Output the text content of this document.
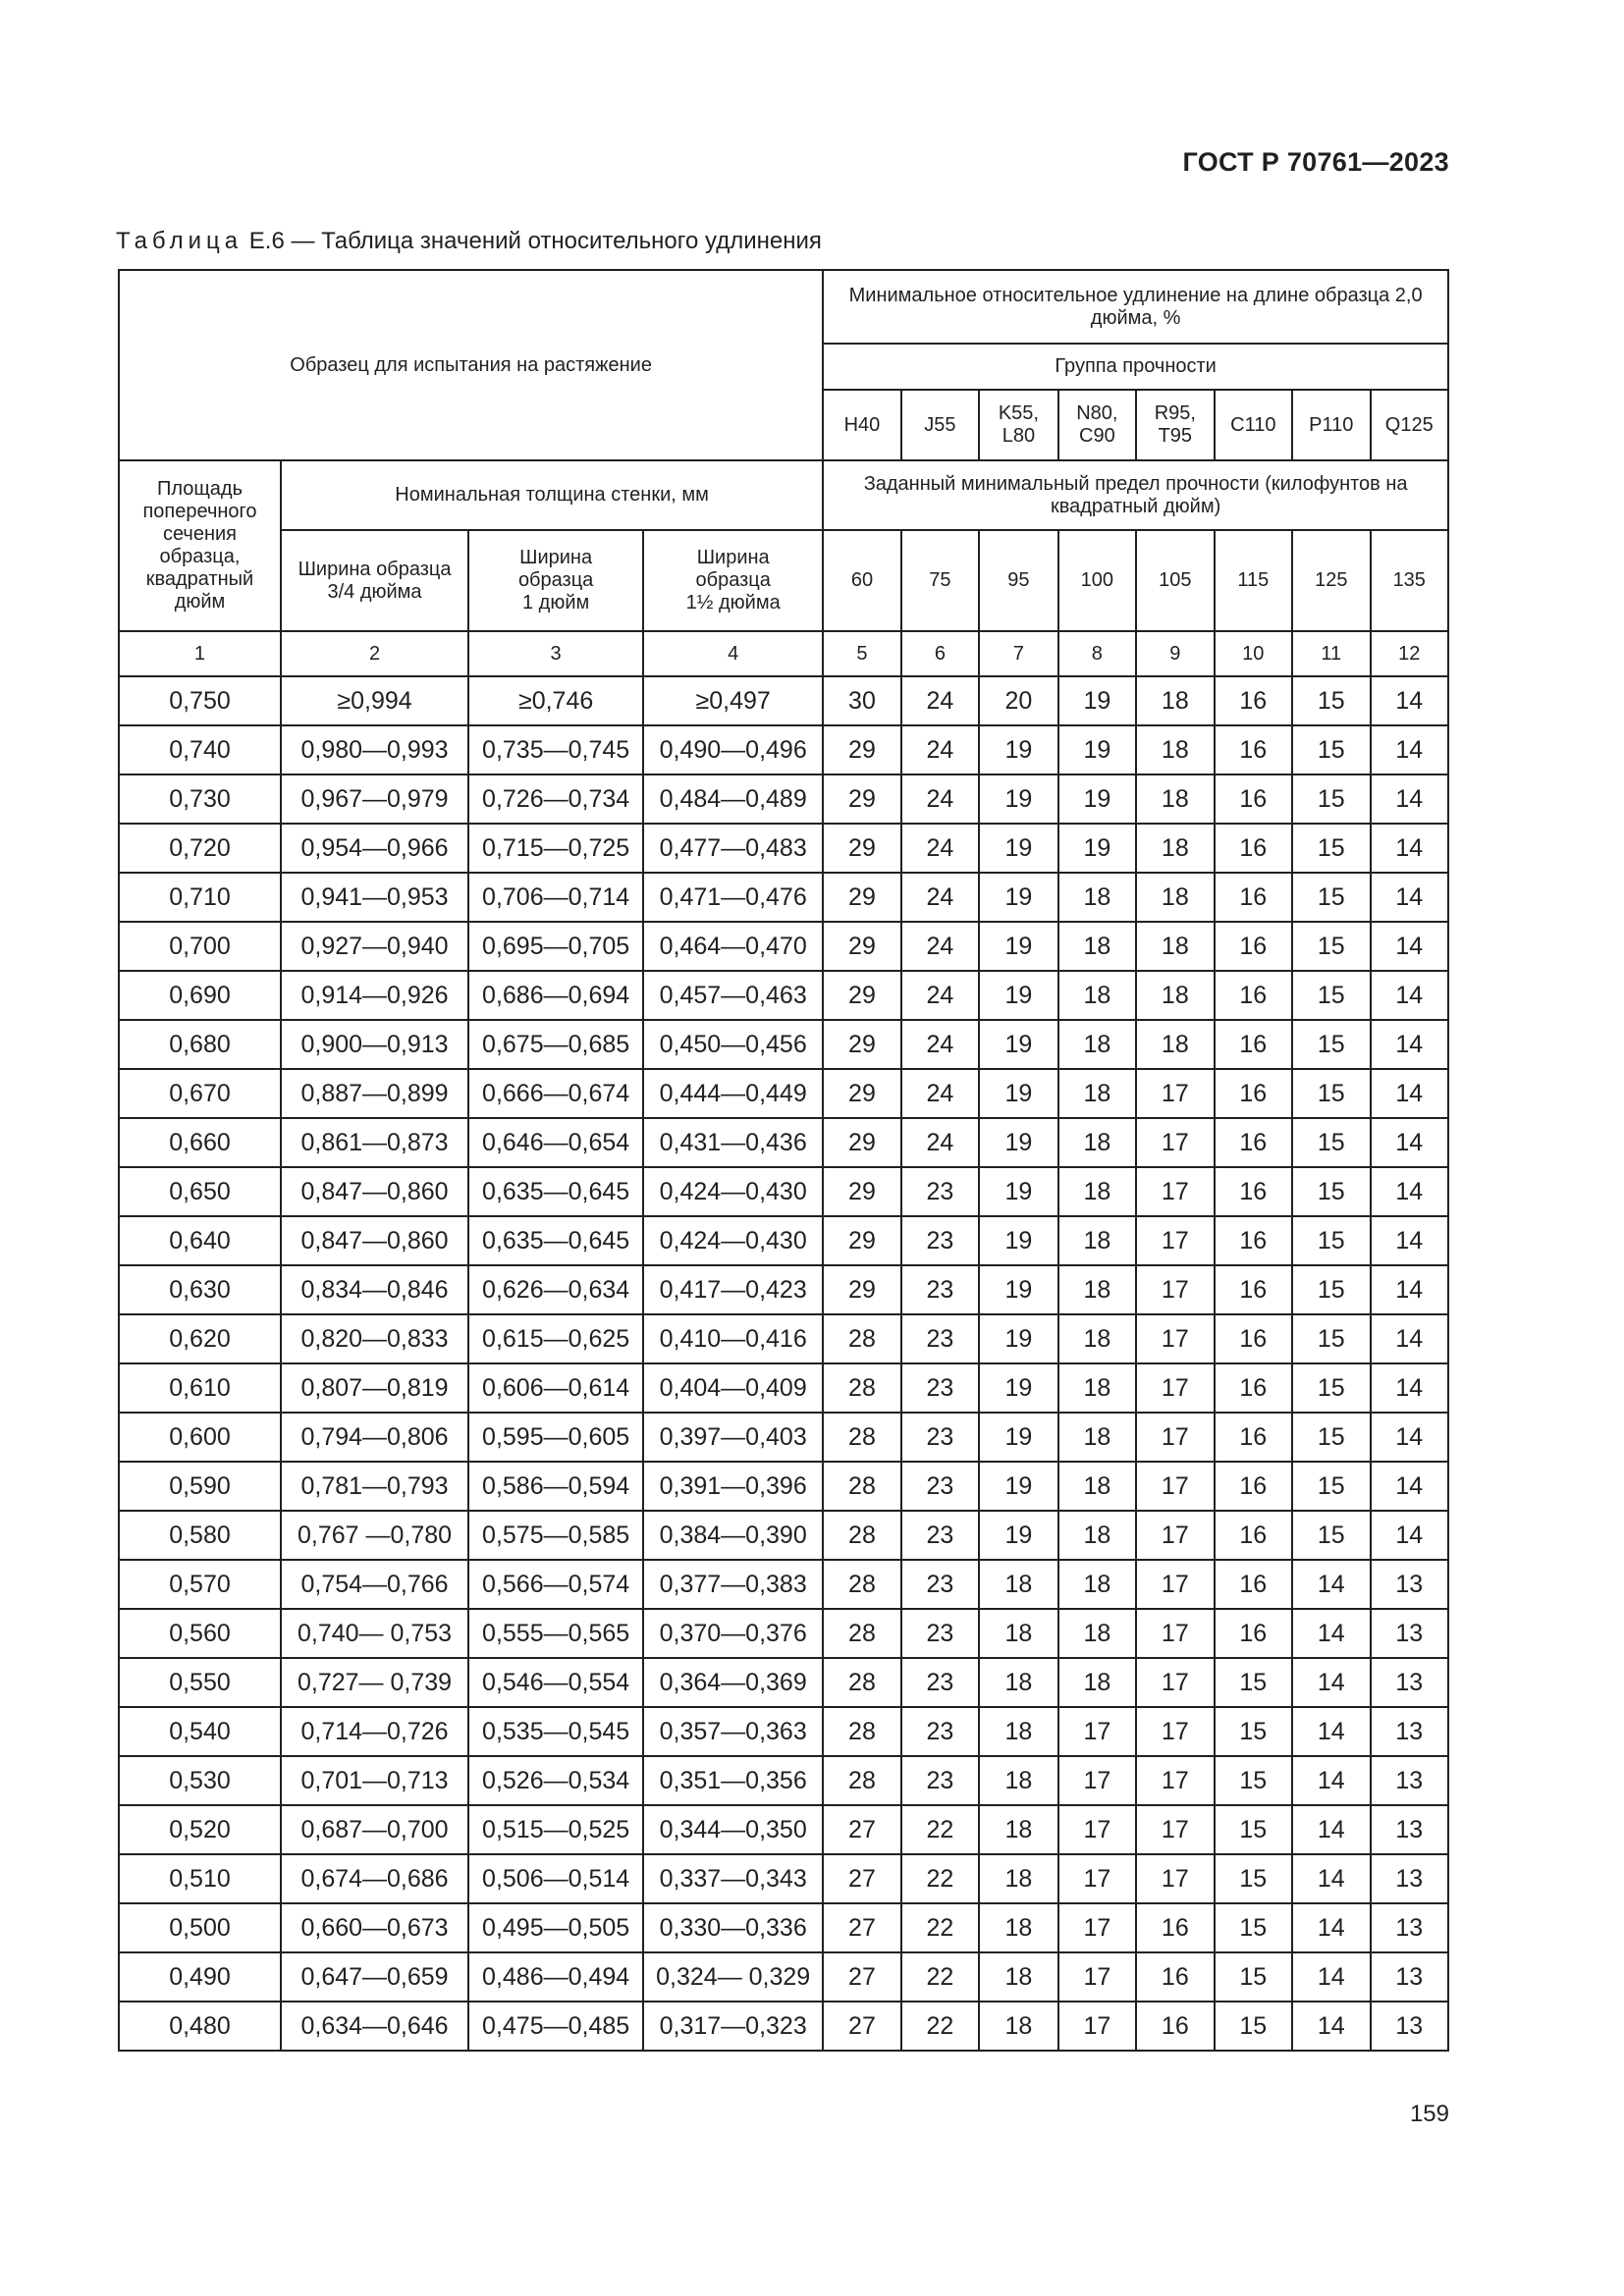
ГОСТ Р 70761—2023
Таблица Е.6 — Таблица значений относительного удлинения
Образец для испытания на растяжение				Минимальное относительное удлинение на длине образца 2,0 дюйма, %							
				Группа прочности							
				H40	J55	K55,
L80	N80,
C90	R95,
T95	C110	P110	Q125
Площадь поперечного сечения образца, квадратный дюйм	Номинальная толщина стенки, мм			Заданный минимальный предел прочности (килофунтов на квадратный дюйм)							
	Ширина образца
3/4 дюйма	Ширина
образца
1 дюйм	Ширина
образца
1½ дюйма	60	75	95	100	105	115	125	135
1	2	3	4	5	6	7	8	9	10	11	12
0,750	≥0,994	≥0,746	≥0,497	30	24	20	19	18	16	15	14
0,740	0,980—0,993	0,735—0,745	0,490—0,496	29	24	19	19	18	16	15	14
0,730	0,967—0,979	0,726—0,734	0,484—0,489	29	24	19	19	18	16	15	14
0,720	0,954—0,966	0,715—0,725	0,477—0,483	29	24	19	19	18	16	15	14
0,710	0,941—0,953	0,706—0,714	0,471—0,476	29	24	19	18	18	16	15	14
0,700	0,927—0,940	0,695—0,705	0,464—0,470	29	24	19	18	18	16	15	14
0,690	0,914—0,926	0,686—0,694	0,457—0,463	29	24	19	18	18	16	15	14
0,680	0,900—0,913	0,675—0,685	0,450—0,456	29	24	19	18	18	16	15	14
0,670	0,887—0,899	0,666—0,674	0,444—0,449	29	24	19	18	17	16	15	14
0,660	0,861—0,873	0,646—0,654	0,431—0,436	29	24	19	18	17	16	15	14
0,650	0,847—0,860	0,635—0,645	0,424—0,430	29	23	19	18	17	16	15	14
0,640	0,847—0,860	0,635—0,645	0,424—0,430	29	23	19	18	17	16	15	14
0,630	0,834—0,846	0,626—0,634	0,417—0,423	29	23	19	18	17	16	15	14
0,620	0,820—0,833	0,615—0,625	0,410—0,416	28	23	19	18	17	16	15	14
0,610	0,807—0,819	0,606—0,614	0,404—0,409	28	23	19	18	17	16	15	14
0,600	0,794—0,806	0,595—0,605	0,397—0,403	28	23	19	18	17	16	15	14
0,590	0,781—0,793	0,586—0,594	0,391—0,396	28	23	19	18	17	16	15	14
0,580	0,767 —0,780	0,575—0,585	0,384—0,390	28	23	19	18	17	16	15	14
0,570	0,754—0,766	0,566—0,574	0,377—0,383	28	23	18	18	17	16	14	13
0,560	0,740— 0,753	0,555—0,565	0,370—0,376	28	23	18	18	17	16	14	13
0,550	0,727— 0,739	0,546—0,554	0,364—0,369	28	23	18	18	17	15	14	13
0,540	0,714—0,726	0,535—0,545	0,357—0,363	28	23	18	17	17	15	14	13
0,530	0,701—0,713	0,526—0,534	0,351—0,356	28	23	18	17	17	15	14	13
0,520	0,687—0,700	0,515—0,525	0,344—0,350	27	22	18	17	17	15	14	13
0,510	0,674—0,686	0,506—0,514	0,337—0,343	27	22	18	17	17	15	14	13
0,500	0,660—0,673	0,495—0,505	0,330—0,336	27	22	18	17	16	15	14	13
0,490	0,647—0,659	0,486—0,494	0,324— 0,329	27	22	18	17	16	15	14	13
0,480	0,634—0,646	0,475—0,485	0,317—0,323	27	22	18	17	16	15	14	13
159
